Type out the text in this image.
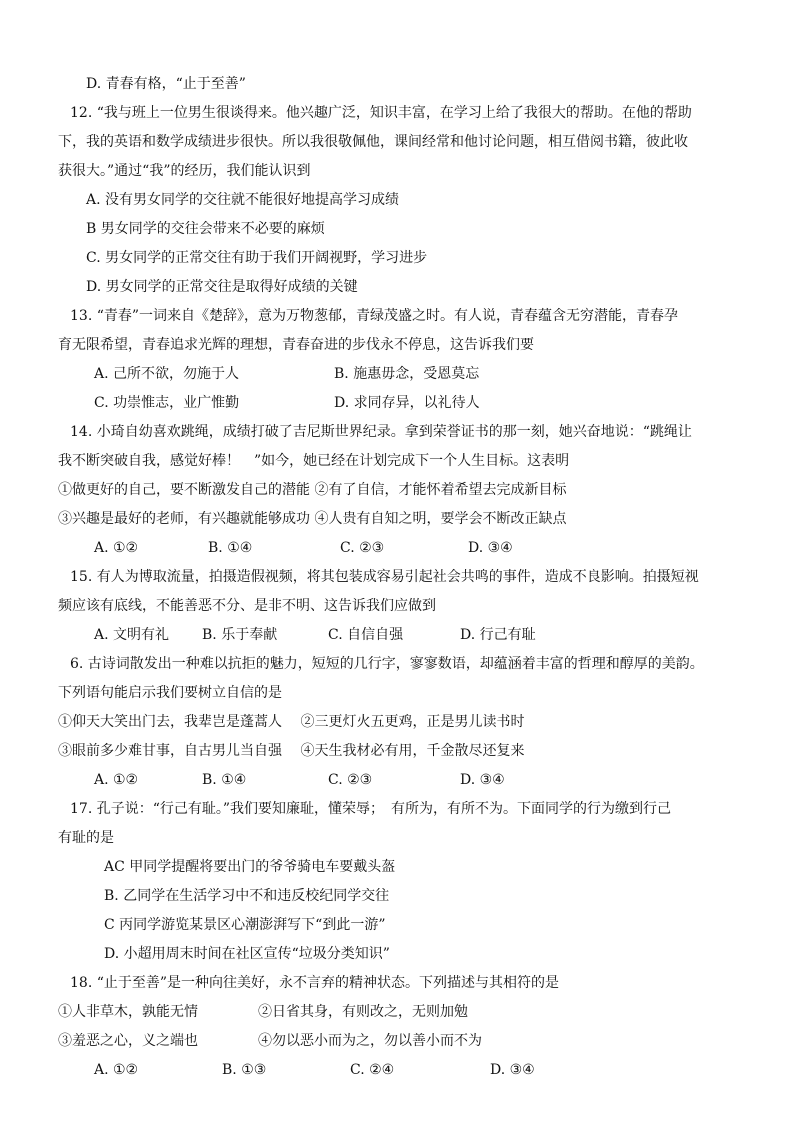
D. 青春有格，“止于至善”
12. “我与班上一位男生很谈得来。他兴趣广泛，知识丰富，在学习上给了我很大的帮助。在他的帮助
下，我的英语和数学成绩进步很快。所以我很敬佩他，课间经常和他讨论问题，相互借阅书籍，彼此收
获很大。”通过“我”的经历，我们能认识到
A. 没有男女同学的交往就不能很好地提高学习成绩
B 男女同学的交往会带来不必要的麻烦
C. 男女同学的正常交往有助于我们开阔视野，学习进步
D. 男女同学的正常交往是取得好成绩的关键
13. “青春”一词来自《楚辞》，意为万物葱郁，青绿茂盛之时。有人说，青春蕴含无穷潜能，青春孕
育无限希望，青春追求光辉的理想，青春奋进的步伐永不停息，这告诉我们要
A. 己所不欲，勿施于人	B. 施惠毋念，受恩莫忘
C. 功崇惟志，业广惟勤	D. 求同存异，以礼待人
14. 小琦自幼喜欢跳绳，成绩打破了吉尼斯世界纪录。拿到荣誉证书的那一刻，她兴奋地说：“跳绳让
我不断突破自我，感觉好棒！　”如今，她已经在计划完成下一个人生目标。这表明
①做更好的自己，要不断激发自己的潜能 ②有了自信，才能怀着希望去完成新目标
③兴趣是最好的老师，有兴趣就能够成功 ④人贵有自知之明，要学会不断改正缺点
A. ①②	B. ①④	C. ②③	D. ③④
15. 有人为博取流量，拍摄造假视频，将其包装成容易引起社会共鸣的事件，造成不良影响。拍摄短视
频应该有底线，不能善恶不分、是非不明、这告诉我们应做到
A. 文明有礼 B. 乐于奉献	C. 自信自强	D. 行己有耻
6. 古诗词散发出一种难以抗拒的魅力，短短的几行字，寥寥数语，却蕴涵着丰富的哲理和醇厚的美韵。
下列语句能启示我们要树立自信的是
①仰天大笑出门去，我辈岂是蓬蒿人　 ②三更灯火五更鸡，正是男儿读书时
③眼前多少难甘事，自古男儿当自强　 ④天生我材必有用，千金散尽还复来
A. ①②	B. ①④	C. ②③	D. ③④
17. 孔子说：“行己有耻。”我们要知廉耻，懂荣辱；　有所为，有所不为。下面同学的行为缴到行己
有耻的是
AC 甲同学提醒将要出门的爷爷骑电车要戴头盔
B. 乙同学在生活学习中不和违反校纪同学交往
C 丙同学游览某景区心潮澎湃写下“到此一游”
D. 小超用周末时间在社区宣传“垃圾分类知识”
18. “止于至善”是一种向往美好，永不言弃的精神状态。下列描述与其相符的是
①人非草木，孰能无情	②日省其身，有则改之，无则加勉
③羞恶之心，义之端也	④勿以恶小而为之，勿以善小而不为
A. ①②	B. ①③	C. ②④	D. ③④
